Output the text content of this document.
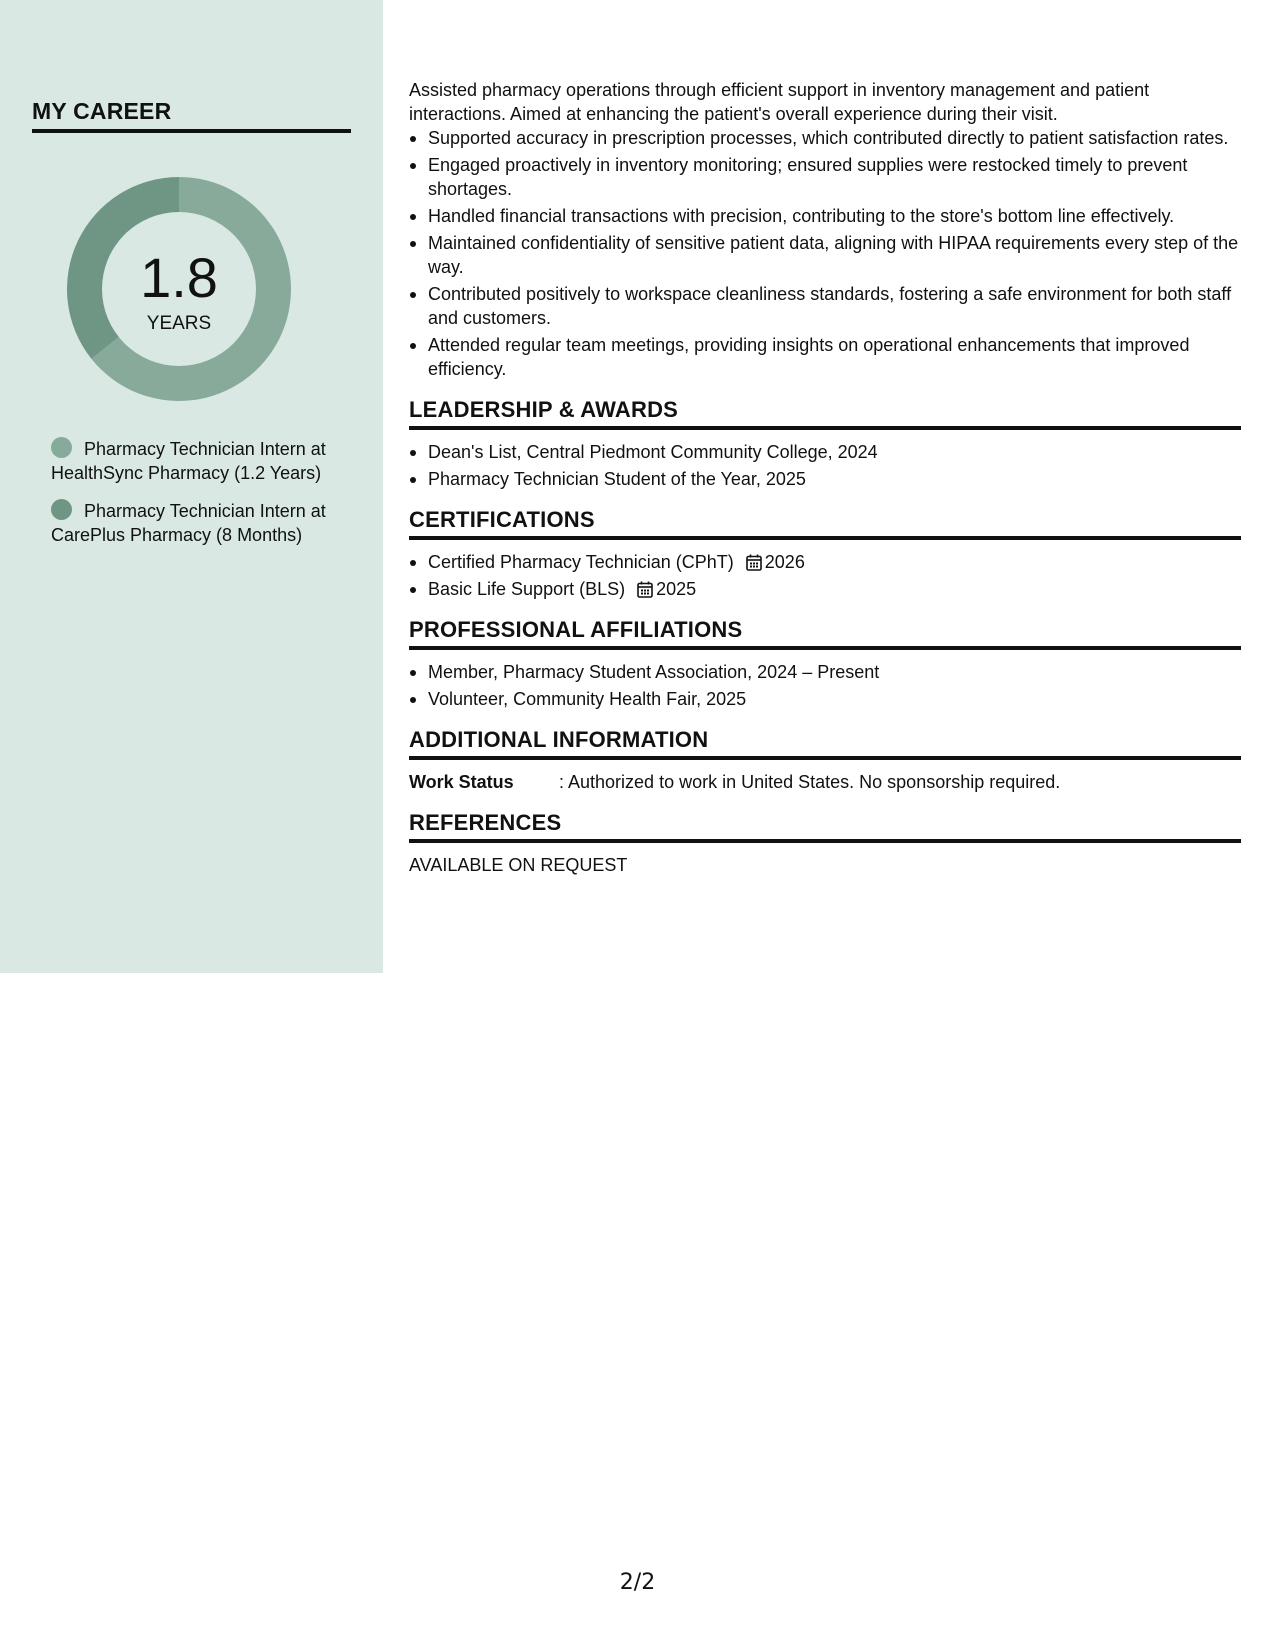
MY CAREER
1.8
YEARS
Pharmacy Technician Intern at HealthSync Pharmacy (1.2 Years)
Pharmacy Technician Intern at CarePlus Pharmacy (8 Months)
Assisted pharmacy operations through efficient support in inventory management and patient interactions. Aimed at enhancing the patient's overall experience during their visit.
Supported accuracy in prescription processes, which contributed directly to patient satisfaction rates.
Engaged proactively in inventory monitoring; ensured supplies were restocked timely to prevent shortages.
Handled financial transactions with precision, contributing to the store's bottom line effectively.
Maintained confidentiality of sensitive patient data, aligning with HIPAA requirements every step of the way.
Contributed positively to workspace cleanliness standards, fostering a safe environment for both staff and customers.
Attended regular team meetings, providing insights on operational enhancements that improved efficiency.
LEADERSHIP & AWARDS
Dean's List, Central Piedmont Community College, 2024
Pharmacy Technician Student of the Year, 2025
CERTIFICATIONS
Certified Pharmacy Technician (CPhT) 2026
Basic Life Support (BLS) 2025
PROFESSIONAL AFFILIATIONS
Member, Pharmacy Student Association, 2024 – Present
Volunteer, Community Health Fair, 2025
ADDITIONAL INFORMATION
Work Status	: Authorized to work in United States. No sponsorship required.
REFERENCES
AVAILABLE ON REQUEST
2/2
